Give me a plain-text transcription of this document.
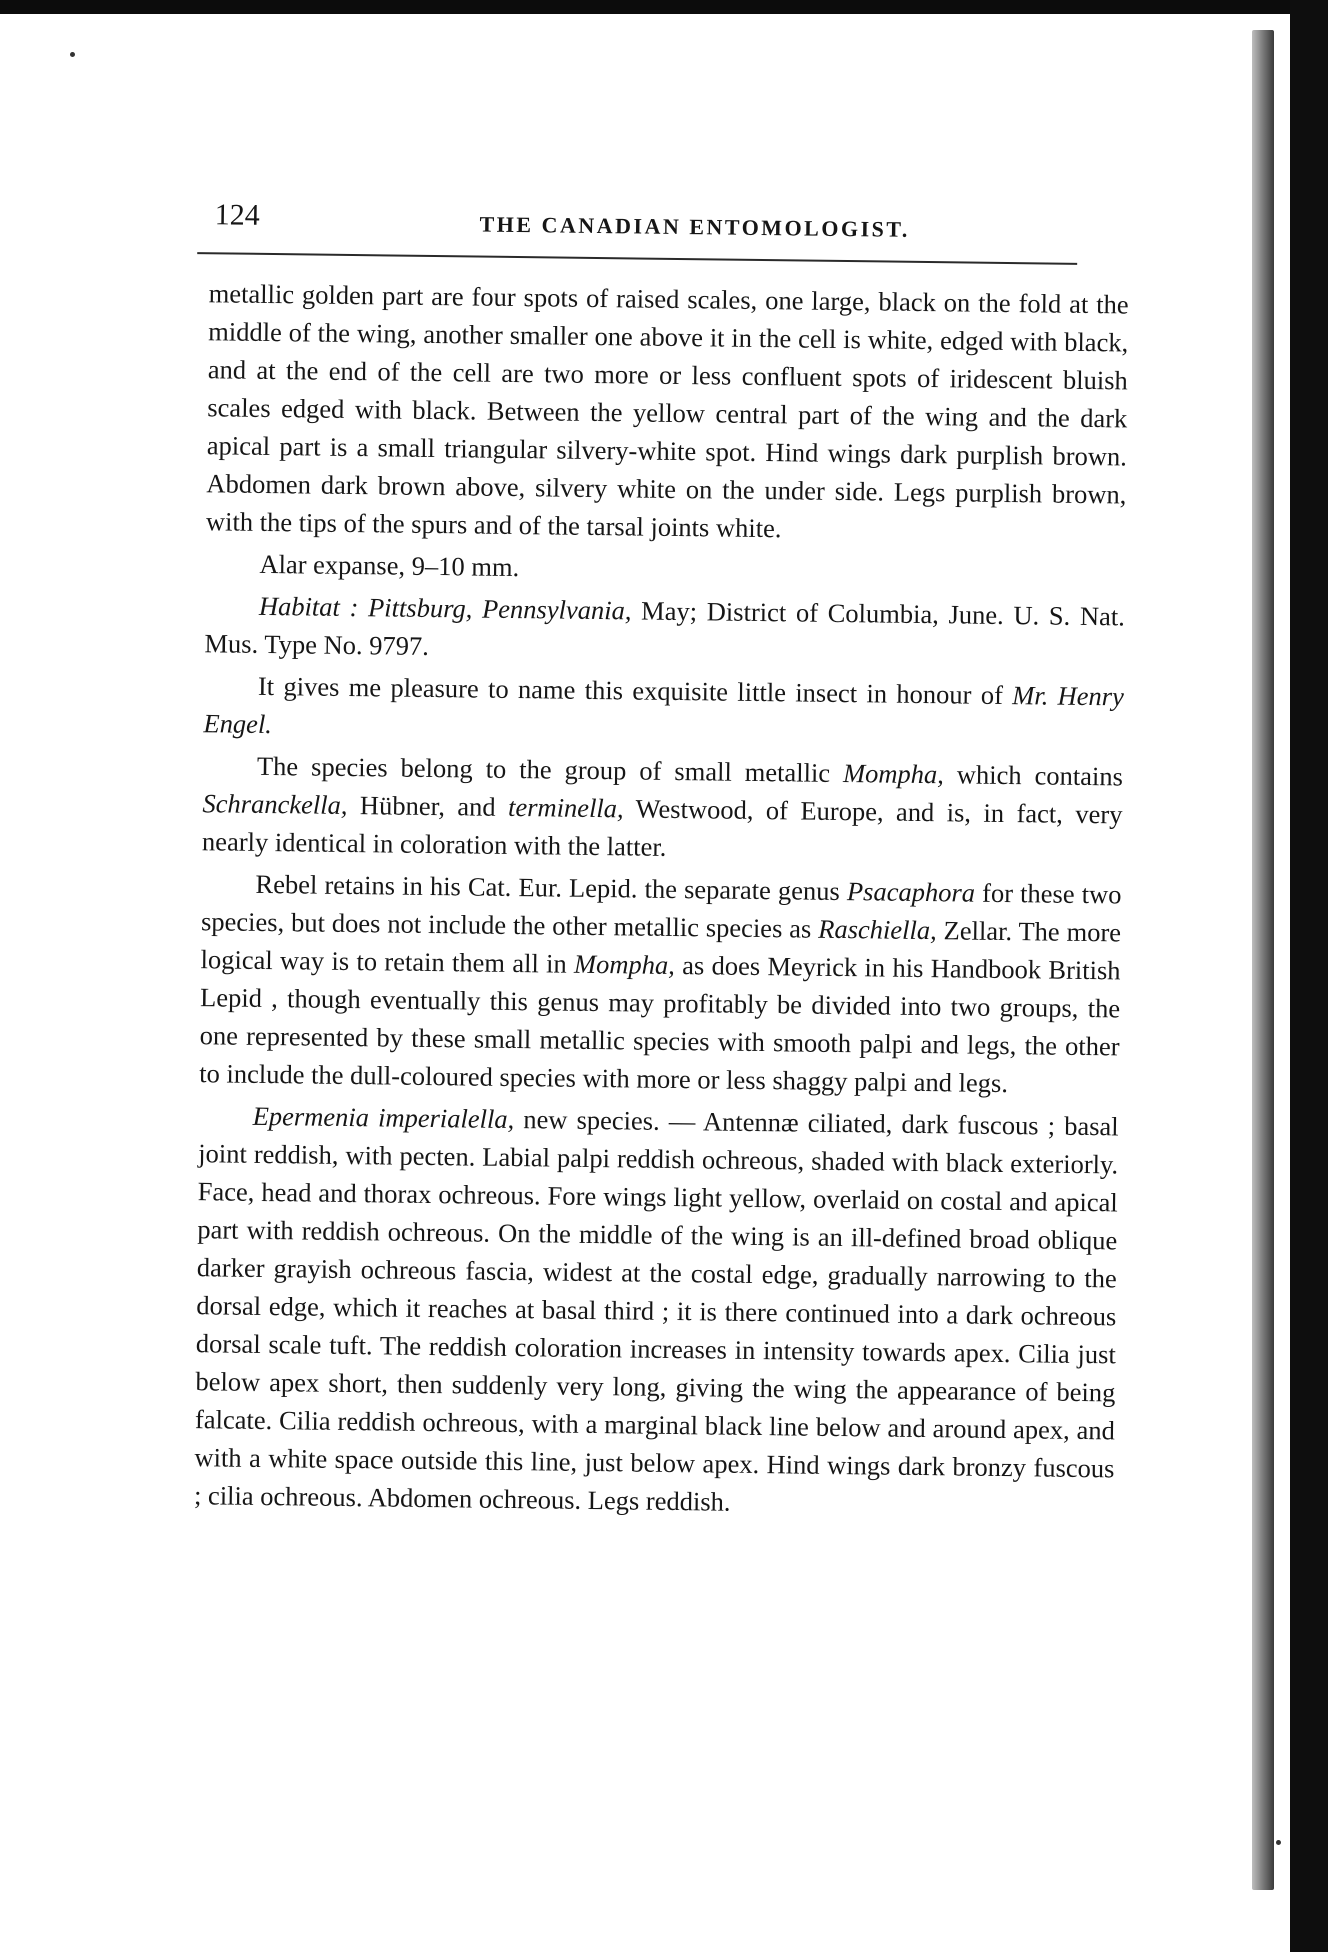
124	THE CANADIAN ENTOMOLOGIST.

metallic golden part are four spots of raised scales, one large, black on the fold at the middle of the wing, another smaller one above it in the cell is white, edged with black, and at the end of the cell are two more or less confluent spots of iridescent bluish scales edged with black. Between the yellow central part of the wing and the dark apical part is a small triangular silvery-white spot. Hind wings dark purplish brown. Abdomen dark brown above, silvery white on the under side. Legs purplish brown, with the tips of the spurs and of the tarsal joints white.

Alar expanse, 9–10 mm.

Habitat : Pittsburg, Pennsylvania, May; District of Columbia, June. U. S. Nat. Mus. Type No. 9797.

It gives me pleasure to name this exquisite little insect in honour of Mr. Henry Engel.

The species belong to the group of small metallic Mompha, which contains Schranckella, Hübner, and terminella, Westwood, of Europe, and is, in fact, very nearly identical in coloration with the latter.

Rebel retains in his Cat. Eur. Lepid. the separate genus Psacaphora for these two species, but does not include the other metallic species as Raschiella, Zellar. The more logical way is to retain them all in Mompha, as does Meyrick in his Handbook British Lepid , though eventually this genus may profitably be divided into two groups, the one represented by these small metallic species with smooth palpi and legs, the other to include the dull-coloured species with more or less shaggy palpi and legs.

Epermenia imperialella, new species. — Antennæ ciliated, dark fuscous ; basal joint reddish, with pecten. Labial palpi reddish ochreous, shaded with black exteriorly. Face, head and thorax ochreous. Fore wings light yellow, overlaid on costal and apical part with reddish ochreous. On the middle of the wing is an ill-defined broad oblique darker grayish ochreous fascia, widest at the costal edge, gradually narrowing to the dorsal edge, which it reaches at basal third ; it is there continued into a dark ochreous dorsal scale tuft. The reddish coloration increases in intensity towards apex. Cilia just below apex short, then suddenly very long, giving the wing the appearance of being falcate. Cilia reddish ochreous, with a marginal black line below and around apex, and with a white space outside this line, just below apex. Hind wings dark bronzy fuscous ; cilia ochreous. Abdomen ochreous. Legs reddish.
